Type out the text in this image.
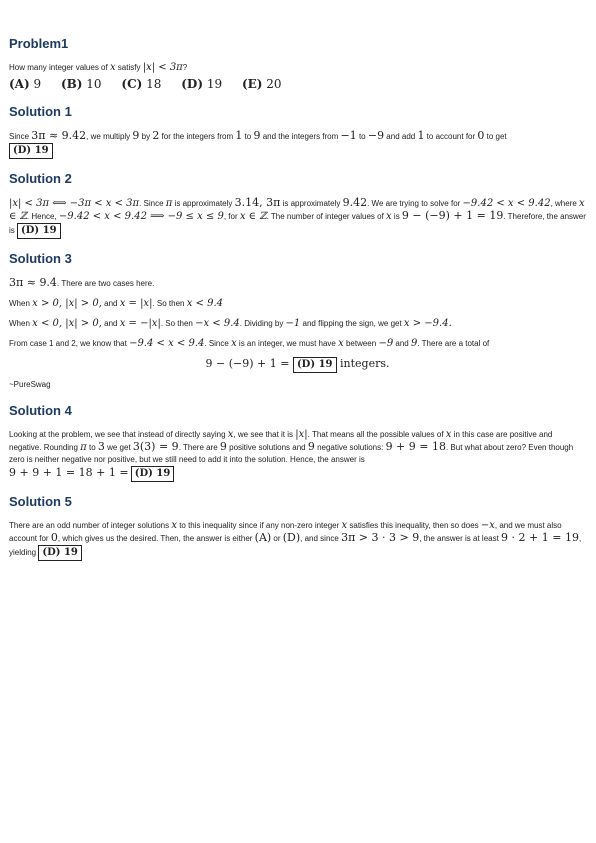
Problem1

How many integer values of x satisfy |x| < 3π?

(A) 9 (B) 10 (C) 18 (D) 19 (E) 20
Solution 1

Since 3π ≈ 9.42, we multiply 9 by 2 for the integers from 1 to 9 and the integers from −1 to −9 and add 1 to account for 0 to get
(D) 19

Solution 2

|x| < 3π ⟺ −3π < x < 3π. Since π is approximately 3.14, 3π is approximately 9.42. We are trying to solve for −9.42 < x < 9.42, where x ∈ ℤ. Hence, −9.42 < x < 9.42 ⟹ −9 ≤ x ≤ 9, for x ∈ ℤ. The number of integer values of x is 9 − (−9) + 1 = 19. Therefore, the answer is (D) 19

Solution 3

3π ≈ 9.4. There are two cases here.

When x > 0, |x| > 0, and x = |x|. So then x < 9.4

When x < 0, |x| > 0, and x = −|x|. So then −x < 9.4. Dividing by −1 and flipping the sign, we get x > −9.4.

From case 1 and 2, we know that −9.4 < x < 9.4. Since x is an integer, we must have x between −9 and 9. There are a total of

9 − (−9) + 1 = (D) 19 integers.

~PureSwag

Solution 4

Looking at the problem, we see that instead of directly saying x, we see that it is |x|. That means all the possible values of x in this case are positive and negative. Rounding π to 3 we get 3(3) = 9. There are 9 positive solutions and 9 negative solutions: 9 + 9 = 18. But what about zero? Even though zero is neither negative nor positive, but we still need to add it into the solution. Hence, the answer is
9 + 9 + 1 = 18 + 1 = (D) 19

Solution 5

There are an odd number of integer solutions x to this inequality since if any non-zero integer x satisfies this inequality, then so does −x, and we must also account for 0, which gives us the desired. Then, the answer is either (A) or (D), and since 3π > 3 · 3 > 9, the answer is at least 9 · 2 + 1 = 19, yielding (D) 19
